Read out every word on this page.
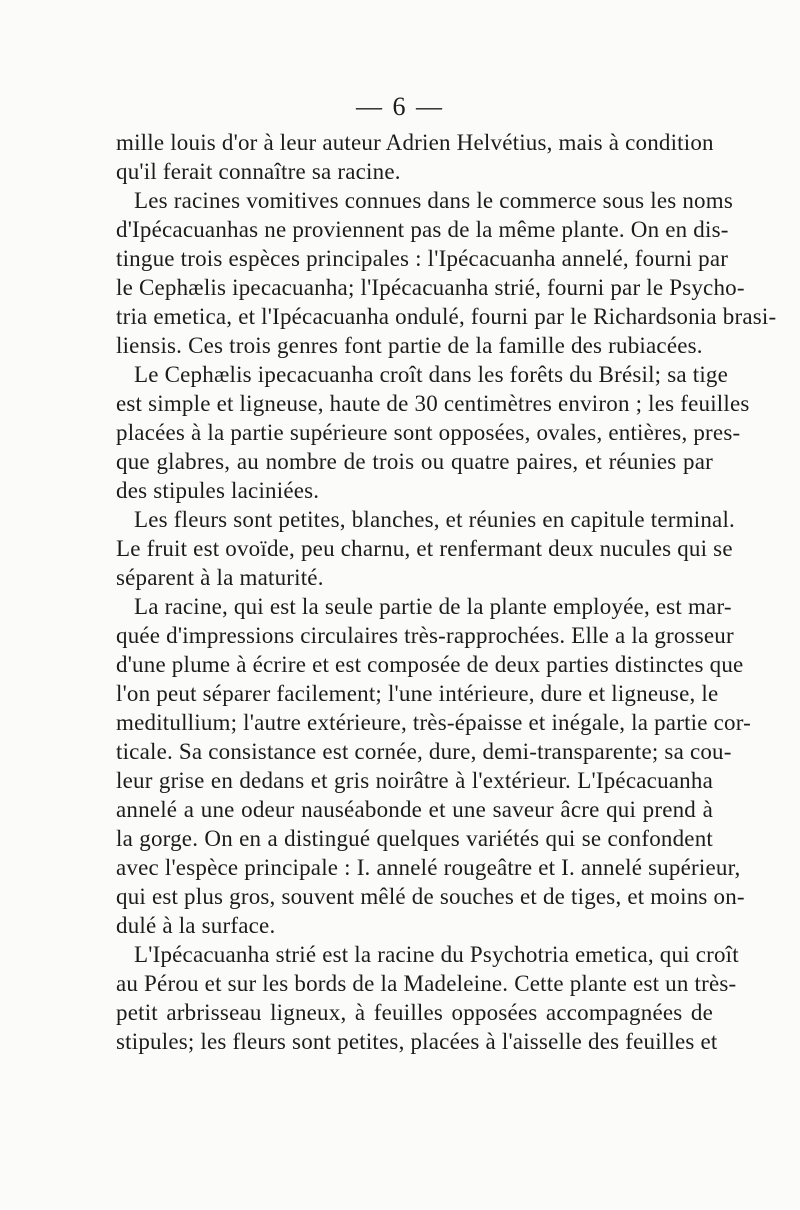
— 6 —
mille louis d'or à leur auteur Adrien Helvétius, mais à condition
qu'il ferait connaître sa racine.
Les racines vomitives connues dans le commerce sous les noms
d'Ipécacuanhas ne proviennent pas de la même plante. On en dis-
tingue trois espèces principales : l'Ipécacuanha annelé, fourni par
le Cephælis ipecacuanha; l'Ipécacuanha strié, fourni par le Psycho-
tria emetica, et l'Ipécacuanha ondulé, fourni par le Richardsonia brasi-
liensis. Ces trois genres font partie de la famille des rubiacées.
Le Cephælis ipecacuanha croît dans les forêts du Brésil; sa tige
est simple et ligneuse, haute de 30 centimètres environ ; les feuilles
placées à la partie supérieure sont opposées, ovales, entières, pres-
que glabres, au nombre de trois ou quatre paires, et réunies par
des stipules laciniées.
Les fleurs sont petites, blanches, et réunies en capitule terminal.
Le fruit est ovoïde, peu charnu, et renfermant deux nucules qui se
séparent à la maturité.
La racine, qui est la seule partie de la plante employée, est mar-
quée d'impressions circulaires très-rapprochées. Elle a la grosseur
d'une plume à écrire et est composée de deux parties distinctes que
l'on peut séparer facilement; l'une intérieure, dure et ligneuse, le
meditullium; l'autre extérieure, très-épaisse et inégale, la partie cor-
ticale. Sa consistance est cornée, dure, demi-transparente; sa cou-
leur grise en dedans et gris noirâtre à l'extérieur. L'Ipécacuanha
annelé a une odeur nauséabonde et une saveur âcre qui prend à
la gorge. On en a distingué quelques variétés qui se confondent
avec l'espèce principale : I. annelé rougeâtre et I. annelé supérieur,
qui est plus gros, souvent mêlé de souches et de tiges, et moins on-
dulé à la surface.
L'Ipécacuanha strié est la racine du Psychotria emetica, qui croît
au Pérou et sur les bords de la Madeleine. Cette plante est un très-
petit arbrisseau ligneux, à feuilles opposées accompagnées de
stipules; les fleurs sont petites, placées à l'aisselle des feuilles et
